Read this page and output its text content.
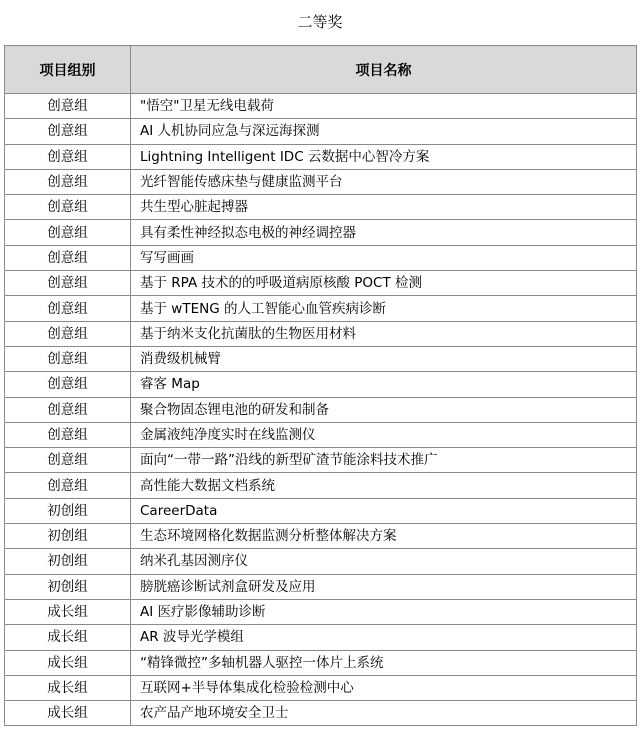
二等奖
项目组别	项目名称
创意组	"悟空"卫星无线电载荷
创意组	AI 人机协同应急与深远海探测
创意组	Lightning Intelligent IDC 云数据中心智冷方案
创意组	光纤智能传感床垫与健康监测平台
创意组	共生型心脏起搏器
创意组	具有柔性神经拟态电极的神经调控器
创意组	写写画画
创意组	基于 RPA 技术的的呼吸道病原核酸 POCT 检测
创意组	基于 wTENG 的人工智能心血管疾病诊断
创意组	基于纳米支化抗菌肽的生物医用材料
创意组	消费级机械臂
创意组	睿客 Map
创意组	聚合物固态锂电池的研发和制备
创意组	金属液纯净度实时在线监测仪
创意组	面向“一带一路”沿线的新型矿渣节能涂料技术推广
创意组	高性能大数据文档系统
初创组	CareerData
初创组	生态环境网格化数据监测分析整体解决方案
初创组	纳米孔基因测序仪
初创组	膀胱癌诊断试剂盒研发及应用
成长组	AI 医疗影像辅助诊断
成长组	AR 波导光学模组
成长组	“精锋微控”多轴机器人驱控一体片上系统
成长组	互联网+半导体集成化检验检测中心
成长组	农产品产地环境安全卫士
